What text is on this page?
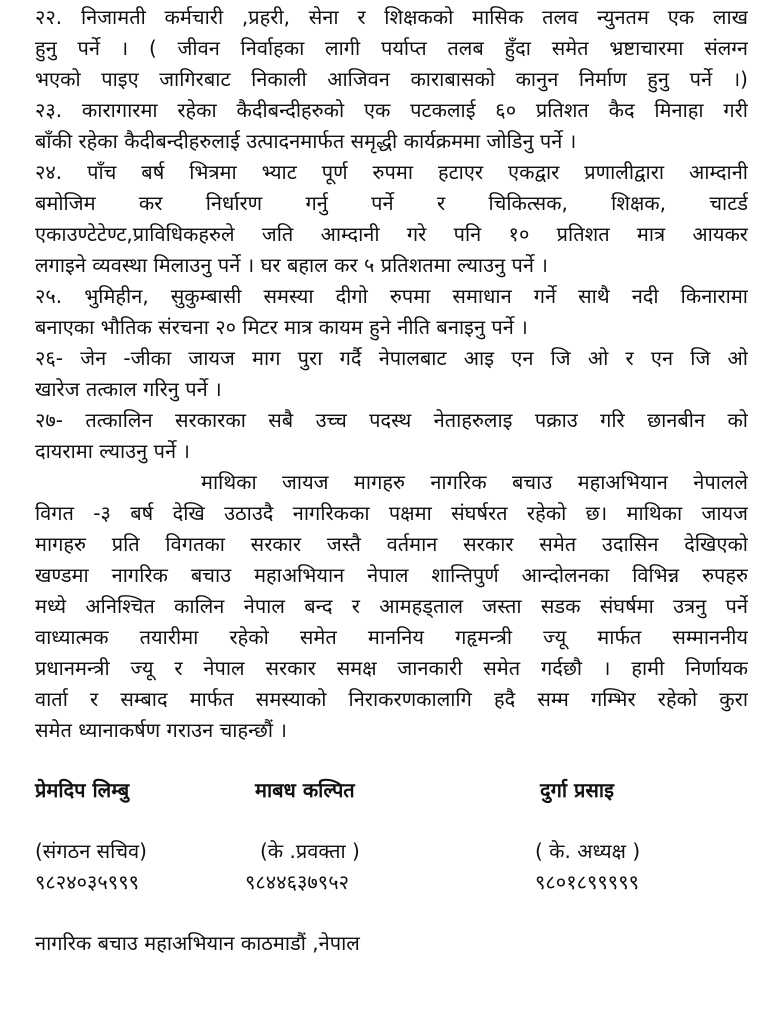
२२. निजामती कर्मचारी ,प्रहरी, सेना र शिक्षकको मासिक तलव न्युनतम एक लाख
हुनु पर्ने । ( जीवन निर्वाहका लागी पर्याप्त तलब हुँदा समेत भ्रष्टाचारमा संलग्न
भएको पाइए जागिरबाट निकाली आजिवन काराबासको कानुन निर्माण हुनु पर्ने ।)
२३. कारागारमा रहेका कैदीबन्दीहरुको एक पटकलाई ६० प्रतिशत कैद मिनाहा गरी
बाँकी रहेका कैदीबन्दीहरुलाई उत्पादनमार्फत समृद्धी कार्यक्रममा जोडिनु पर्ने ।
२४. पाँच बर्ष भित्रमा भ्याट पूर्ण रुपमा हटाएर एकद्वार प्रणालीद्वारा आम्दानी
बमोजिम कर निर्धारण गर्नु पर्ने र चिकित्सक, शिक्षक, चाटर्ड
एकाउण्टेटेण्ट,प्राविधिकहरुले जति आम्दानी गरे पनि १० प्रतिशत मात्र आयकर
लगाइने व्यवस्था मिलाउनु पर्ने । घर बहाल कर ५ प्रतिशतमा ल्याउनु पर्ने ।
२५. भुमिहीन, सुकुम्बासी समस्या दीगो रुपमा समाधान गर्ने साथै नदी किनारामा
बनाएका भौतिक संरचना २० मिटर मात्र कायम हुने नीति बनाइनु पर्ने ।
२६- जेन -जीका जायज माग पुरा गर्दै नेपालबाट आइ एन जि ओ र एन जि ओ
खारेज तत्काल गरिनु पर्ने ।
२७- तत्कालिन सरकारका सबै उच्च पदस्थ नेताहरुलाइ पक्राउ गरि छानबीन को
दायरामा ल्याउनु पर्ने ।
माथिका जायज मागहरु नागरिक बचाउ महाअभियान नेपालले
विगत -३ बर्ष देखि उठाउदै नागरिकका पक्षमा संघर्षरत रहेको छ। माथिका जायज
मागहरु प्रति विगतका सरकार जस्तै वर्तमान सरकार समेत उदासिन देखिएको
खण्डमा नागरिक बचाउ महाअभियान नेपाल शान्तिपुर्ण आन्दोलनका विभिन्न रुपहरु
मध्ये अनिश्चित कालिन नेपाल बन्द र आमहड्ताल जस्ता सडक संघर्षमा उत्रनु पर्ने
वाध्यात्मक तयारीमा रहेको समेत माननिय गहृमन्त्री ज्यू मार्फत सम्माननीय
प्रधानमन्त्री ज्यू र नेपाल सरकार समक्ष जानकारी समेत गर्दछौ । हामी निर्णायक
वार्ता र सम्बाद मार्फत समस्याको निराकरणकालागि हदै सम्म गम्भिर रहेको कुरा
समेत ध्यानाकर्षण गराउन चाहन्छौं ।
प्रेमदिप लिम्बु	माबध कल्पित	दुर्गा प्रसाइ
(संगठन सचिव)	(के .प्रवक्ता )	( के. अध्यक्ष )
९८२४०३५९९९	९८४४६३७९५२	९८०१८९९९९९
नागरिक बचाउ महाअभियान काठमाडौं ,नेपाल
